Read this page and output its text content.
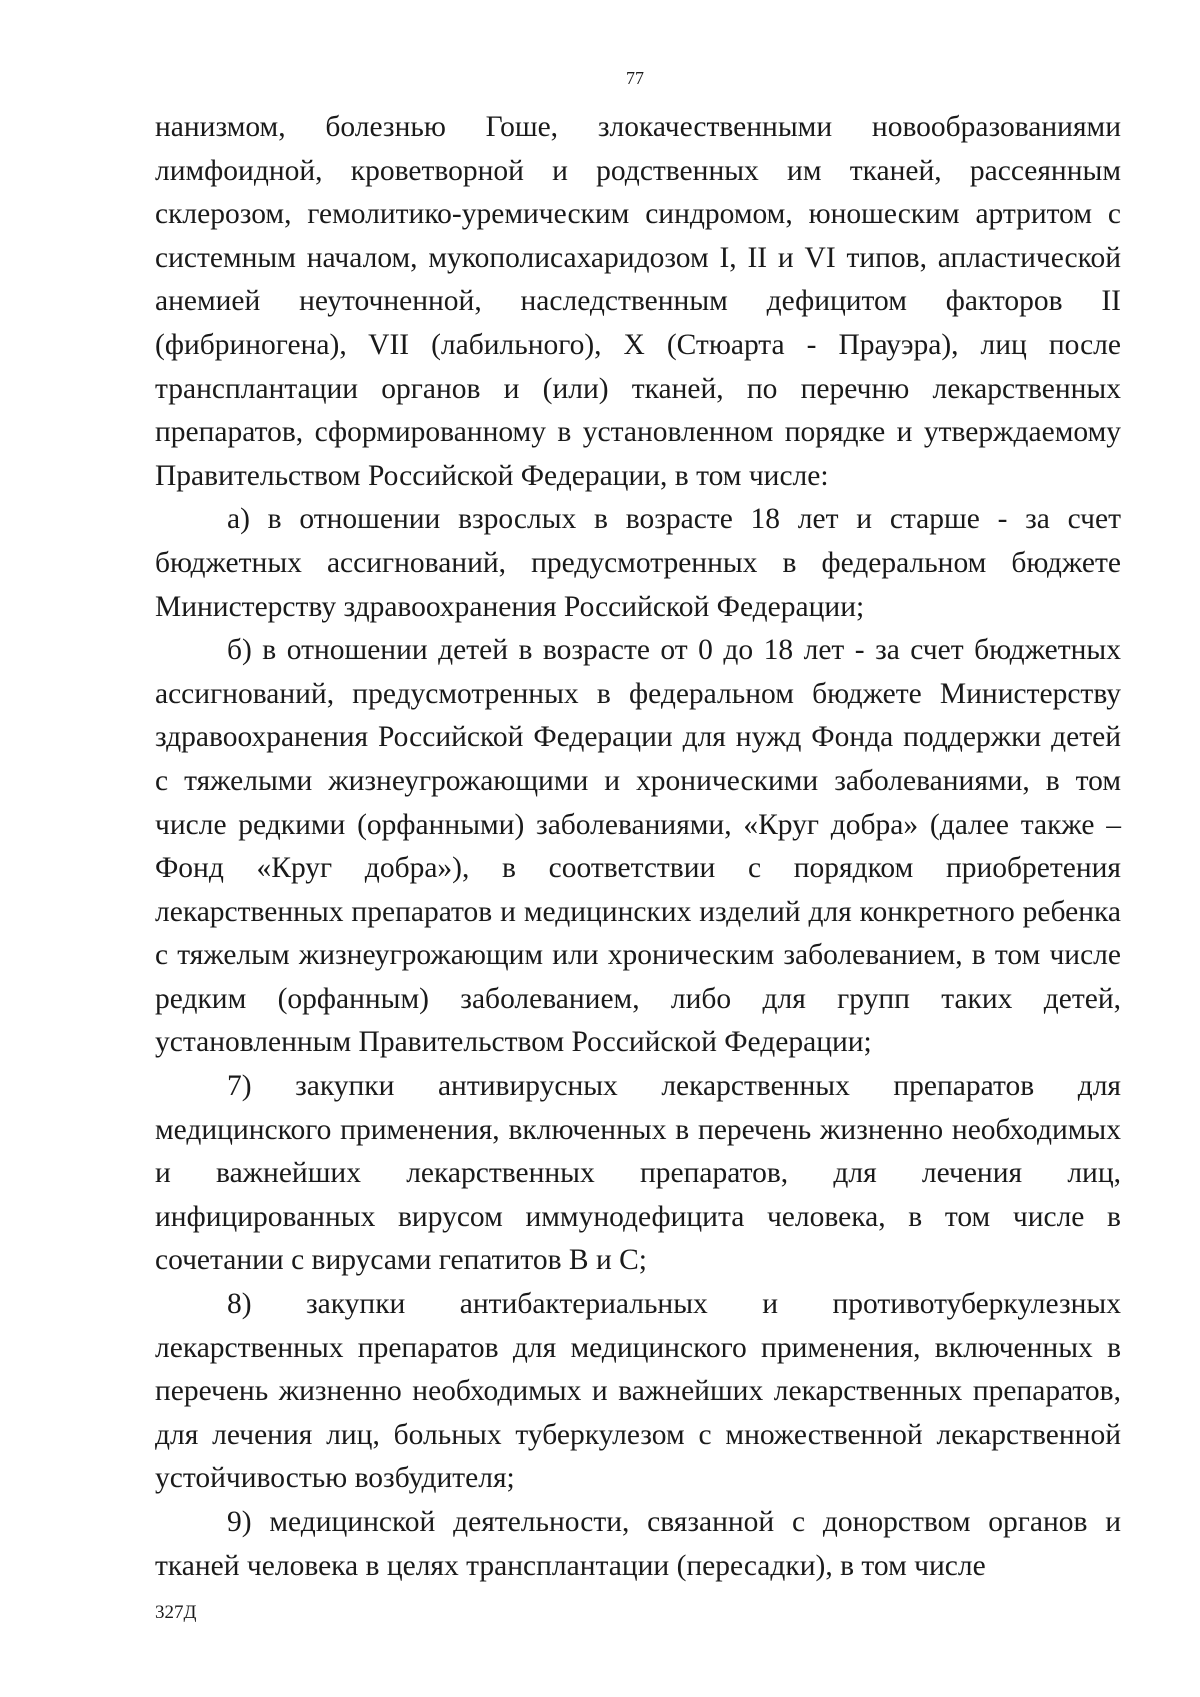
77

нанизмом, болезнью Гоше, злокачественными новообразованиями лимфоидной, кроветворной и родственных им тканей, рассеянным склерозом, гемолитико-уремическим синдромом, юношеским артритом с системным началом, мукополисахаридозом I, II и VI типов, апластической анемией неуточненной, наследственным дефицитом факторов II (фибриногена), VII (лабильного), X (Стюарта - Прауэра), лиц после трансплантации органов и (или) тканей, по перечню лекарственных препаратов, сформированному в установленном порядке и утверждаемому Правительством Российской Федерации, в том числе:

а) в отношении взрослых в возрасте 18 лет и старше - за счет бюджетных ассигнований, предусмотренных в федеральном бюджете Министерству здравоохранения Российской Федерации;

б) в отношении детей в возрасте от 0 до 18 лет - за счет бюджетных ассигнований, предусмотренных в федеральном бюджете Министерству здравоохранения Российской Федерации для нужд Фонда поддержки детей с тяжелыми жизнеугрожающими и хроническими заболеваниями, в том числе редкими (орфанными) заболеваниями, «Круг добра» (далее также – Фонд «Круг добра»), в соответствии с порядком приобретения лекарственных препаратов и медицинских изделий для конкретного ребенка с тяжелым жизнеугрожающим или хроническим заболеванием, в том числе редким (орфанным) заболеванием, либо для групп таких детей, установленным Правительством Российской Федерации;

7) закупки антивирусных лекарственных препаратов для медицинского применения, включенных в перечень жизненно необходимых и важнейших лекарственных препаратов, для лечения лиц, инфицированных вирусом иммунодефицита человека, в том числе в сочетании с вирусами гепатитов B и C;

8) закупки антибактериальных и противотуберкулезных лекарственных препаратов для медицинского применения, включенных в перечень жизненно необходимых и важнейших лекарственных препаратов, для лечения лиц, больных туберкулезом с множественной лекарственной устойчивостью возбудителя;

9) медицинской деятельности, связанной с донорством органов и тканей человека в целях трансплантации (пересадки), в том числе

327Д
